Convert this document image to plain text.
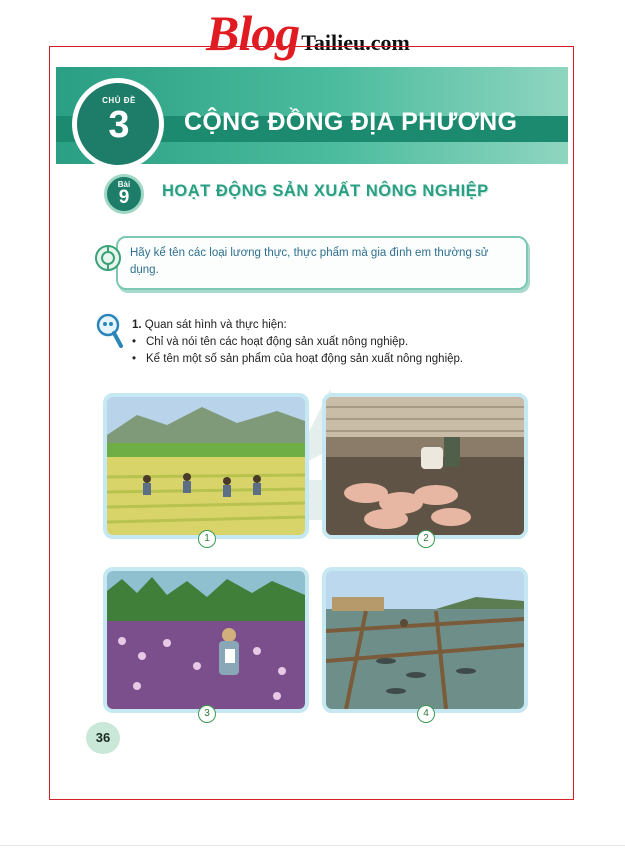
BlogTailieu.com
CHỦ ĐỀ
3	CỘNG ĐỒNG ĐỊA PHƯƠNG
Bài
9	HOẠT ĐỘNG SẢN XUẤT NÔNG NGHIỆP
Hãy kể tên các loại lương thực, thực phẩm mà gia đình em thường sử dụng.
1. Quan sát hình và thực hiện:
• Chỉ và nói tên các hoạt động sản xuất nông nghiệp.
• Kể tên một số sản phẩm của hoạt động sản xuất nông nghiệp.
1	2
3	4
36
